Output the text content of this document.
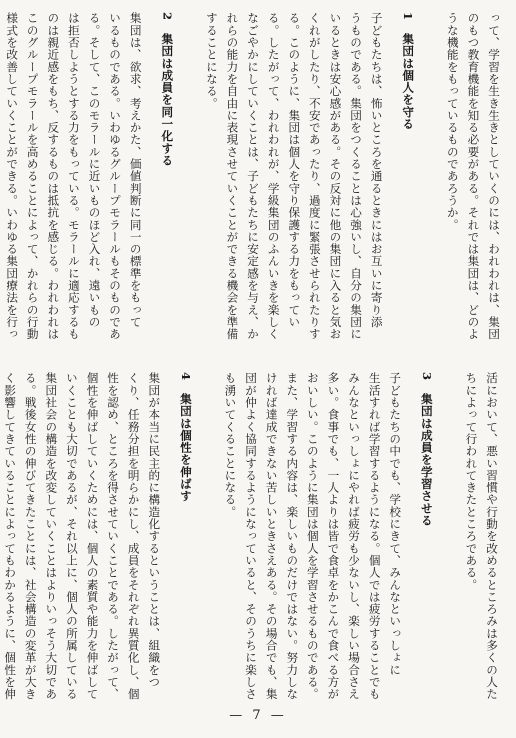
って、学習を生き生きとしていくのには、われわれは、集団
のもつ教育機能を知る必要がある。それでは集団は、どのよ
うな機能をもっているものであろうか。
1　集団は個人を守る
子どもたちは、怖いところを通るときにはお互いに寄り添
うものである。集団をつくることは心強いし、自分の集団に
いるときは安心感がある。その反対に他の集団に入ると気お
くれがしたり、不安であったり、過度に緊張させられたりす
る。このように、集団は個人を守り保護する力をもってい
る。したがって、われわれが、学級集団のふんいきを楽しく
なごやかにしていくことは、子どもたちに安定感を与え、か
れらの能力を自由に表現させていくことができる機会を準備
することになる。
2　集団は成員を同一化する
集団は、欲求、考えかた、価値判断に同一の標準をもって
いるものである。いわゆるグループモラールもそのものであ
る。そして、このモラールに近いものほど入れ、遠いもの
は拒否しようとする力をもっている。モラールに適応するも
のは親近感をもち、反するものは抵抗を感じる。われわれは
このグループモラールを高めることによって、かれらの行動
様式を改善していくことができる。いわゆる集団療法を行っ
活において、悪い習慣や行動を改めるところみは多くの人た
ちによって行われてきたところである。
3　集団は成員を学習させる
子どもたちの中でも、学校にきて、みんなといっしょに
生活すれば学習するようになる。個人では疲労することでも
みんなといっしょにやれば疲労も少ないし、楽しい場合さえ
多い。食事でも、一人よりは皆で食卓をかこんで食べる方が
おいしい。このように集団は個人を学習させるものである。
また、学習する内容は、楽しいものだけではない。努力しな
ければ達成できない苦しいときさえある。その場合でも、集
団が仲よく協同するようになっていると、そのうちに楽しさ
も湧いてくることになる。
4　集団は個性を伸ばす
集団が本当に民主的に構造化するということは、組織をつ
くり、任務分担を明らかにし、成員をそれぞれ異質化し、個
性を認め、ところを得させていくことである。したがって、
個性を伸ばしていくためには、個人の素質や能力を伸ばして
いくことも大切であるが、それ以上に、個人の所属している
集団社会の構造を改変していくことはよりいっそう大切であ
る。戦後女性の伸びてきたことには、社会構造の変革が大き
く影響してきていることによってもわかるように、個性を伸
— 7 —
